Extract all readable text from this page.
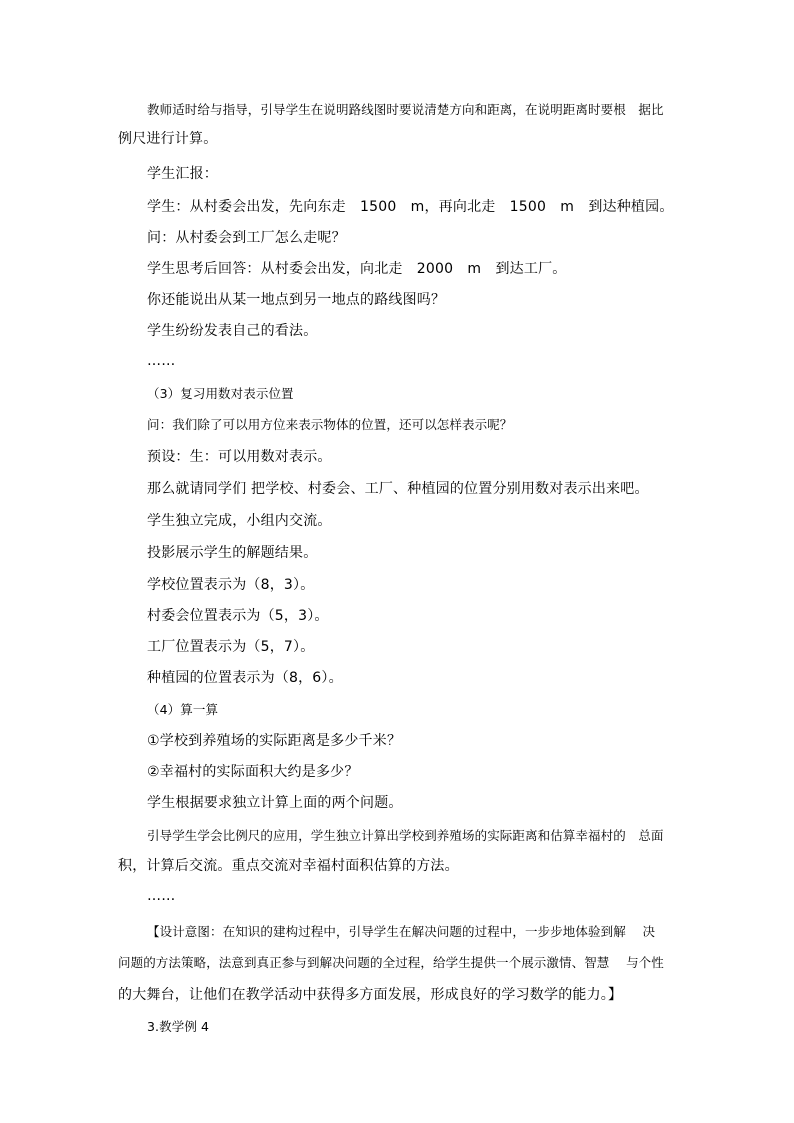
教师适时给与指导，引导学生在说明路线图时要说清楚方向和距离，在说明距离时要根　据比
例尺进行计算。
学生汇报：
学生：从村委会出发，先向东走　1500　m，再向北走　1500　m　到达种植园。
问：从村委会到工厂怎么走呢？
学生思考后回答：从村委会出发，向北走　2000　m　到达工厂。
你还能说出从某一地点到另一地点的路线图吗？
学生纷纷发表自己的看法。
……
（3）复习用数对表示位置
问：我们除了可以用方位来表示物体的位置，还可以怎样表示呢？
预设：生：可以用数对表示。
那么就请同学们 把学校、村委会、工厂、种植园的位置分别用数对表示出来吧。
学生独立完成，小组内交流。
投影展示学生的解题结果。
学校位置表示为（8，3）。
村委会位置表示为（5，3）。
工厂位置表示为（5，7）。
种植园的位置表示为（8，6）。
（4）算一算
①学校到养殖场的实际距离是多少千米？
②幸福村的实际面积大约是多少？
学生根据要求独立计算上面的两个问题。
引导学生学会比例尺的应用，学生独立计算出学校到养殖场的实际距离和估算幸福村的　总面
积，计算后交流。重点交流对幸福村面积估算的方法。
……
【设计意图：在知识的建构过程中，引导学生在解决问题的过程中，一步步地体验到解　 决
问题的方法策略，法意到真正参与到解决问题的全过程，给学生提供一个展示激情、智慧　 与个性
的大舞台，让他们在教学活动中获得多方面发展，形成良好的学习数学的能力。】
3.教学例 4
